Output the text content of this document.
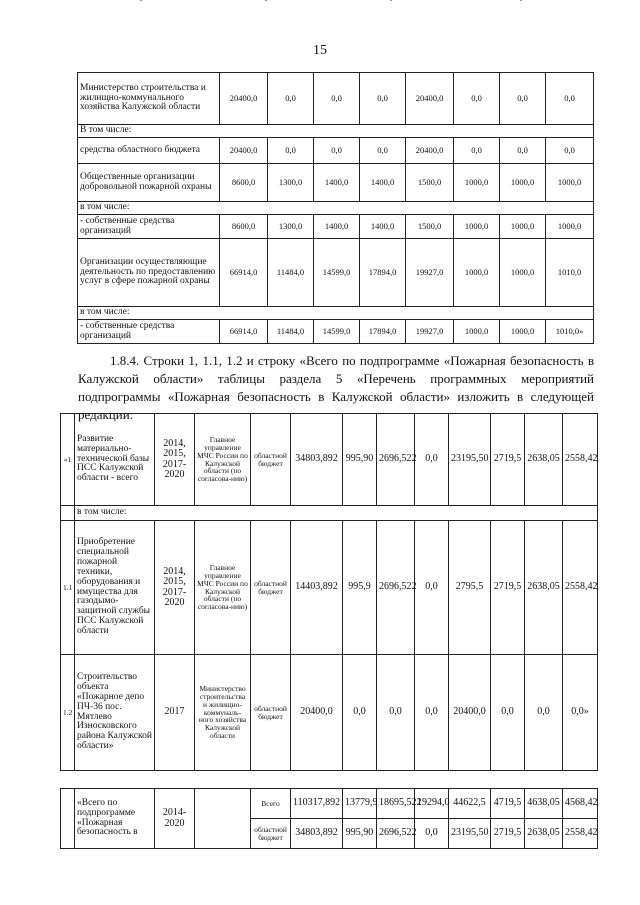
15
Министерство строительства и жилищно-коммунального хозяйства Калужской области	20400,0	0,0	0,0	0,0	20400,0	0,0	0,0	0,0
В том числе:								
средства областного бюджета	20400,0	0,0	0,0	0,0	20400,0	0,0	0,0	0,0
Общественные организации добровольной пожарной охраны	8600,0	1300,0	1400,0	1400,0	1500,0	1000,0	1000,0	1000,0
в том числе:								
- собственные средства организаций	8600,0	1300,0	1400,0	1400,0	1500,0	1000,0	1000,0	1000,0
Организации осуществляющие деятельность по предоставлению услуг в сфере пожарной охраны	66914,0	11484,0	14599,0	17894,0	19927,0	1000,0	1000,0	1010,0
в том числе:								
- собственные средства организаций	66914,0	11484,0	14599,0	17894,0	19927,0	1000,0	1000,0	1010,0»
1.8.4. Строки 1, 1.1, 1.2 и строку «Всего по подпрограмме «Пожарная безопасность в Калужской области» таблицы раздела 5 «Перечень программных мероприятий подпрограммы «Пожарная безопасность в Калужской области» изложить в следующей редакции:
«1	Развитие материально-технической базы ПСС Калужской области - всего	2014, 2015, 2017-2020	Главное управление МЧС России по Калужской области (по согласова-нию)	областной бюджет	34803,892	995,90	2696,522	0,0	23195,50	2719,5	2638,05	2558,42
	в том числе:											
1.1	Приобретение специальной пожарной техники, оборудования и имущества для газодымо-защитной службы ПСС Калужской области	2014, 2015, 2017-2020	Главное управление МЧС России по Калужской области (по согласова-нию)	областной бюджет	14403,892	995,9	2696,522	0,0	2795,5	2719,5	2638,05	2558,42
1.2	Строительство объекта «Пожарное депо ПЧ-36 пос. Мятлево Износковского района Калужской области»	2017	Министерство строительства и жилищно-коммуналь-ного хозяйства Калужской области	областной бюджет	20400,0	0,0	0,0	0,0	20400,0	0,0	0,0	0,0»
	«Всего по подпрограмме «Пожарная безопасность в	2014-2020		Всего	110317,892	13779,9	18695,522	19294,0	44622,5	4719,5	4638,05	4568,42
				областной бюджет	34803,892	995,90	2696,522	0,0	23195,50	2719,5	2638,05	2558,42
